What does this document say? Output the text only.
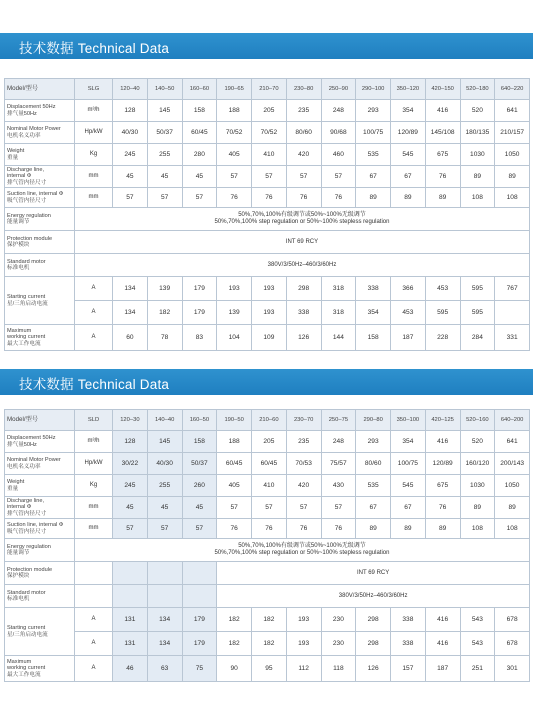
技术数据 Technical Data
Model/型号	SLG	120–40	140–50	160–60	190–65	210–70	230–80	250–90	290–100	350–120	420–150	520–180	640–220

Displacement 50Hz
排气量50Hz	m³/h	128	145	158	188	205	235	248	293	354	416	520	641

Nominal Motor Power
电机名义功率	Hp/kW	40/30	50/37	60/45	70/52	70/52	80/60	90/68	100/75	120/89	145/108	180/135	210/157

Weight
重量	Kg	245	255	280	405	410	420	460	535	545	675	1030	1050

Discharge line,
internal Φ
排气管内径尺寸	mm	45	45	45	57	57	57	57	67	67	76	89	89

Suction line, internal Φ
吸气管内径尺寸	mm	57	57	57	76	76	76	76	89	89	89	108	108

Energy regulation
能量调节	50%,70%,100%有级调节或50%~100%无级调节
50%,70%,100% step regulation or 50%~100% stepless regulation												

Protection module
保护模块	INT 69 RCY												

Standard motor
标准电机	380V/3/50Hz–460/3/60Hz												

Starting current
星/三角启动电流	A	134	139	179	193	193	298	318	338	366	453	595	767
	A	134	182	179	139	193	338	318	354	453	595	595	

Maximum
working current
最大工作电流	A	60	78	83	104	109	126	144	158	187	228	284	331
技术数据 Technical Data
Model/型号	SLD	120–30	140–40	160–50	190–50	210–60	230–70	250–75	290–80	350–100	420–125	520–160	640–200

Displacement 50Hz
排气量50Hz	m³/h	128	145	158	188	205	235	248	293	354	416	520	641

Nominal Motor Power
电机名义功率	Hp/kW	30/22	40/30	50/37	60/45	60/45	70/53	75/57	80/60	100/75	120/89	160/120	200/143

Weight
重量	Kg	245	255	260	405	410	420	430	535	545	675	1030	1050

Discharge line,
internal Φ
排气管内径尺寸	mm	45	45	45	57	57	57	57	67	67	76	89	89

Suction line, internal Φ
吸气管内径尺寸	mm	57	57	57	76	76	76	76	89	89	89	108	108

Energy regulation
能量调节	50%,70%,100%有级调节或50%~100%无级调节
50%,70%,100% step regulation or 50%~100% stepless regulation												

Protection module
保护模块					INT 69 RCY								

Standard motor
标准电机					380V/3/50Hz–460/3/60Hz								

Starting current
星/三角启动电流	A	131	134	179	182	182	193	230	298	338	416	543	678
	A	131	134	179	182	182	193	230	298	338	416	543	678

Maximum
working current
最大工作电流	A	46	63	75	90	95	112	118	126	157	187	251	301
